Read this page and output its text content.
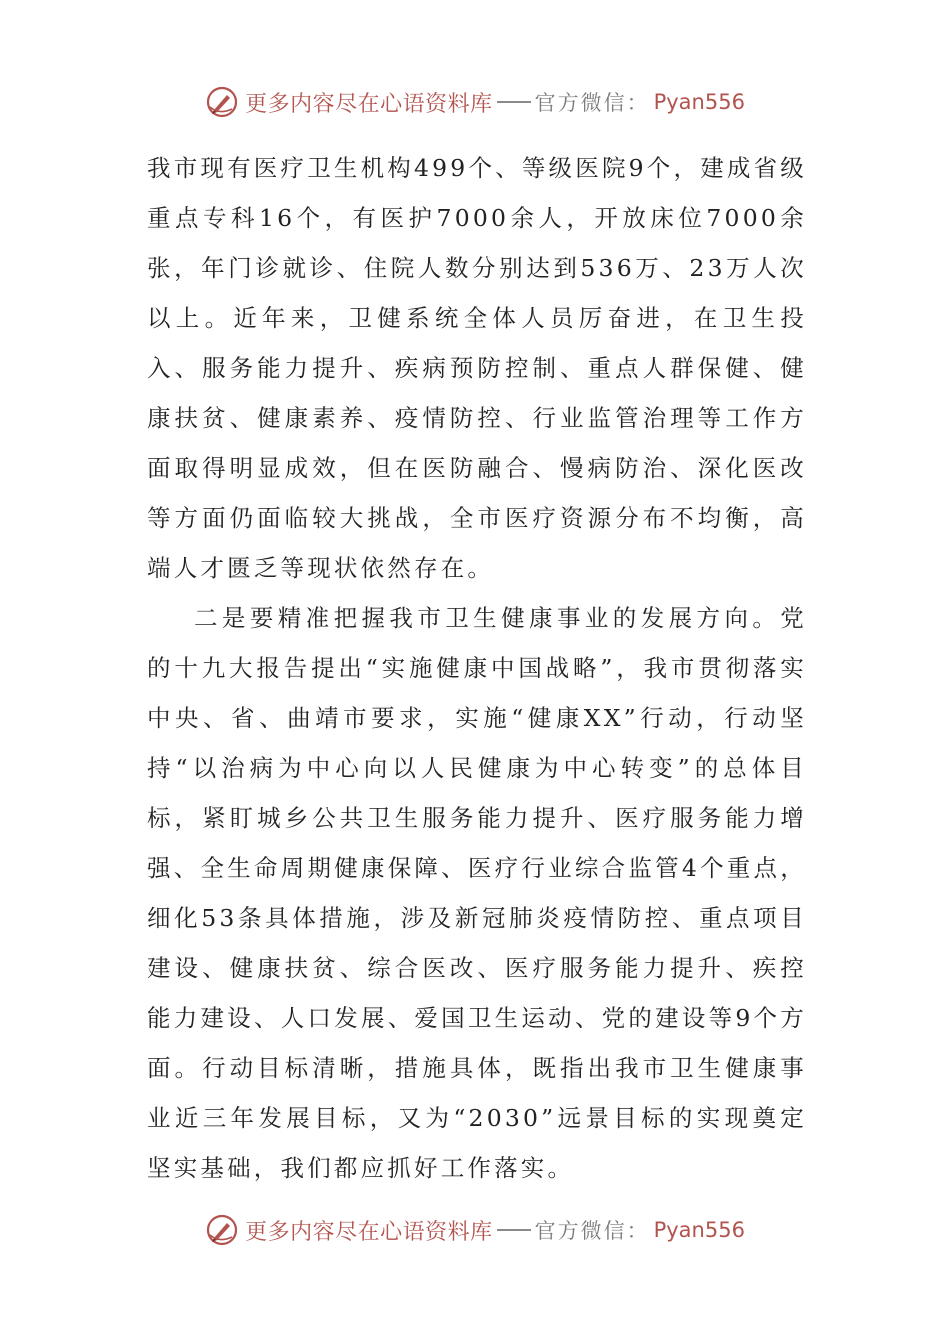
更多内容尽在心语资料库 官方微信： Pyan556

我市现有医疗卫生机构499个、等级医院9个，建成省级重点专科16个，有医护7000余人，开放床位7000余张，年门诊就诊、住院人数分别达到536万、23万人次以上。近年来，卫健系统全体人员厉奋进，在卫生投入、服务能力提升、疾病预防控制、重点人群保健、健康扶贫、健康素养、疫情防控、行业监管治理等工作方面取得明显成效，但在医防融合、慢病防治、深化医改等方面仍面临较大挑战，全市医疗资源分布不均衡，高端人才匮乏等现状依然存在。

二是要精准把握我市卫生健康事业的发展方向。党的十九大报告提出“实施健康中国战略”，我市贯彻落实中央、省、曲靖市要求，实施“健康XX”行动，行动坚持“以治病为中心向以人民健康为中心转变”的总体目标，紧盯城乡公共卫生服务能力提升、医疗服务能力增强、全生命周期健康保障、医疗行业综合监管4个重点，细化53条具体措施，涉及新冠肺炎疫情防控、重点项目建设、健康扶贫、综合医改、医疗服务能力提升、疾控能力建设、人口发展、爱国卫生运动、党的建设等9个方面。行动目标清晰，措施具体，既指出我市卫生健康事业近三年发展目标，又为“2030”远景目标的实现奠定坚实基础，我们都应抓好工作落实。

更多内容尽在心语资料库 官方微信： Pyan556
